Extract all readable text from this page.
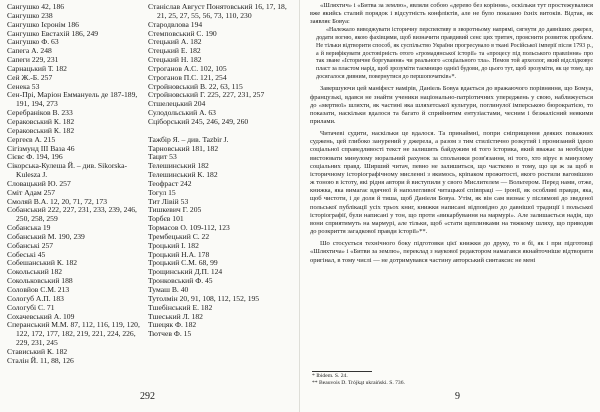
Сангушко 42, 186
Сангушко 238
Сангушко Ієронім 186
Сангушко Евстахій 186, 249
Сангушко Ф. 63
Сапега А. 248
Сапеги 229, 231
Сарнацький Т. 182
Сей Ж.-Б. 257
Сенека 53
Сен-Прі, Маріон Еммануель де 187-189, 191, 194, 273
Серебраніков В. 233
Сераковський К. 182
Сераковський К. 182
Сергеєв А. 215
Сігізмунд III Ваза 46
Сієвс Ф. 194, 196
Сікорська-Кулеша Й. – див. Sikorska-Kulesza J.
Словацький Ю. 257
Сміт Адам 257
Смоляй В.А. 12, 20, 71, 72, 173
Собанський 222, 227, 231, 233, 239, 246, 250, 258, 259
Собанська 19
Собанський М. 190, 239
Собанські 257
Собеські 45
Собешанський К. 182
Сокольський 182
Сокольковський 188
Соловйов С.М. 213
Сологуб А.П. 183
Сологубі С. 71
Сохачевський А. 109
Сперанський М.М. 87, 112, 116, 119, 120, 122, 172, 177, 182, 219, 221, 224, 226, 229, 231, 245
Стависький К. 182
Сталін Й. 11, 88, 126
Станіслав Август Понятовський 16, 17, 18, 21, 25, 27, 55, 56, 73, 110, 230
Стародвлова 194
Стемповський С. 190
Стецький А. 182
Стецький Е. 182
Стецький Н. 182
Строганов А.С. 102, 105
Строганов П.С. 121, 254
Стройновський В. 22, 63, 115
Стройновський Г. 225, 227, 231, 257
Стшелецький 204
Сулодольський А. 63
Сціборський 245, 246, 249, 260

Тажбір Я. – див. Tazbir J.
Тарновський 181, 182
Тацит 53
Телешинський 182
Телешинський К. 182
Теофраст 242
Тогул 15
Тит Лівій 53
Тишкевич Г. 205
Торбєв 101
Тормасов О. 109-112, 123
Трембецький С. 22
Троцький І. 182
Троцький Н.А. 178
Троцький С.М. 68, 99
Трощинський Д.П. 124
Тронковський Ф. 45
Тумаш В. 40
Тутолмін 20, 91, 108, 112, 152, 195
Тшебінський Е. 182
Тшеський Л. 182
Тшецяк Ф. 182
Тютчев Ф. 15
292

«Шляхтич» і «Битва за землю», являли собою «дерево без коріння», оскільки тут простежувалися вже якийсь сталий порядок і відсутність конфліктів, але не було показано їхніх витоків. Відтак, як заявляє Бовуа:

«Належало виводжувати історичну перспективу в зворотньому напрямі, сягнути до давніших джерел, додати вогню, якою фахівцями, щоб визначити правдивий сенс цих тритич, прояснити розвиток проблем. Не тільки відтворити способ, як суспільство України прогресувало в ткані Російської імперії після 1793 р., а й верифікувати достовірність отого «громадянської історії» та «процесу під польського правління» про так зване «Історичне боргування» чи реального «соціального тла». Немов той археолог, який відслідковує пласт за пластом нарід, щоб зрозуміти таємницю однієї будови, до цього тут, щоб зрозуміти, як це тому, що досягалося дивним, повернутися до першопочатків»*.

Завершуючи цей маніфест намірів, Даніель Бовуа вдається до вражаючого порівняння, що Бомуа, французькі, вдався не знайти ученики національно-патріотичних упереджень у свою, наближується до «мертвої» шляхти, як частині яка шляхетської культури, поглинулої імперською бюрократією, то показати, наскільки вдалося та багато й сприйнятим ентузіастами, чесним і безжалісний неякими прилами.

Читачеві судити, наскільки це вдалося. Та принаймні, попри сніприщення деяких поважних суджень, цей глибоко занурений у джерела, а разом з тим стилістично розкутий і пронизаний ідеєю соціальної справедливості текст не залишить байдужим ні того історика, який вважає за необхідне вистоювати минулому моральний рахунок за спольники розв'язання, ні того, хто вірує в минулому соціальних правд. Ширший читач, певно не залишиться, що частково в тому, що ця ж за щоб в історичному історіографічному мисленні з якимось, кріпаком прожитості, якого ростили вагомішою ж тоною в істоту, які рідня автори й виступили у свого Мислителем — Вольтером. Перед нами, отже, книжка, яка вимагає вдячної й наполегливої читацької співпраці — іронії, як особливі правди, яка, щоб чистоти, і де доля й тиша, щоб Даніеля Бовуа. Утім, як він сам визнає у післямові до зведеної польської публікації усіх трьох книг, книжки написані відповідно до давнішої традиції і польської історіографії, були написані у тон, що проти «викарбування на мармурі». Але залишається надія, що вони сприятимуть на мармурі, але тільки, щоб «стати щеплинками на тяжкому шляху, що приводив до розкриття загадкової правди історії»**.

Шо стосується технічного боку підготовки цієї книжки до друку, то я бі, як і при підготовці «Шляхтича» і «Битви за землю», переклад з наукової редактором намагався якнайточніше відтворити оригінал, в тому числі — не дотримувався частину авторський синтаксис не мені

* Ibidem. S. 24.
** Beauvois D. Trójkąt ukraiński. S. 736.
9
